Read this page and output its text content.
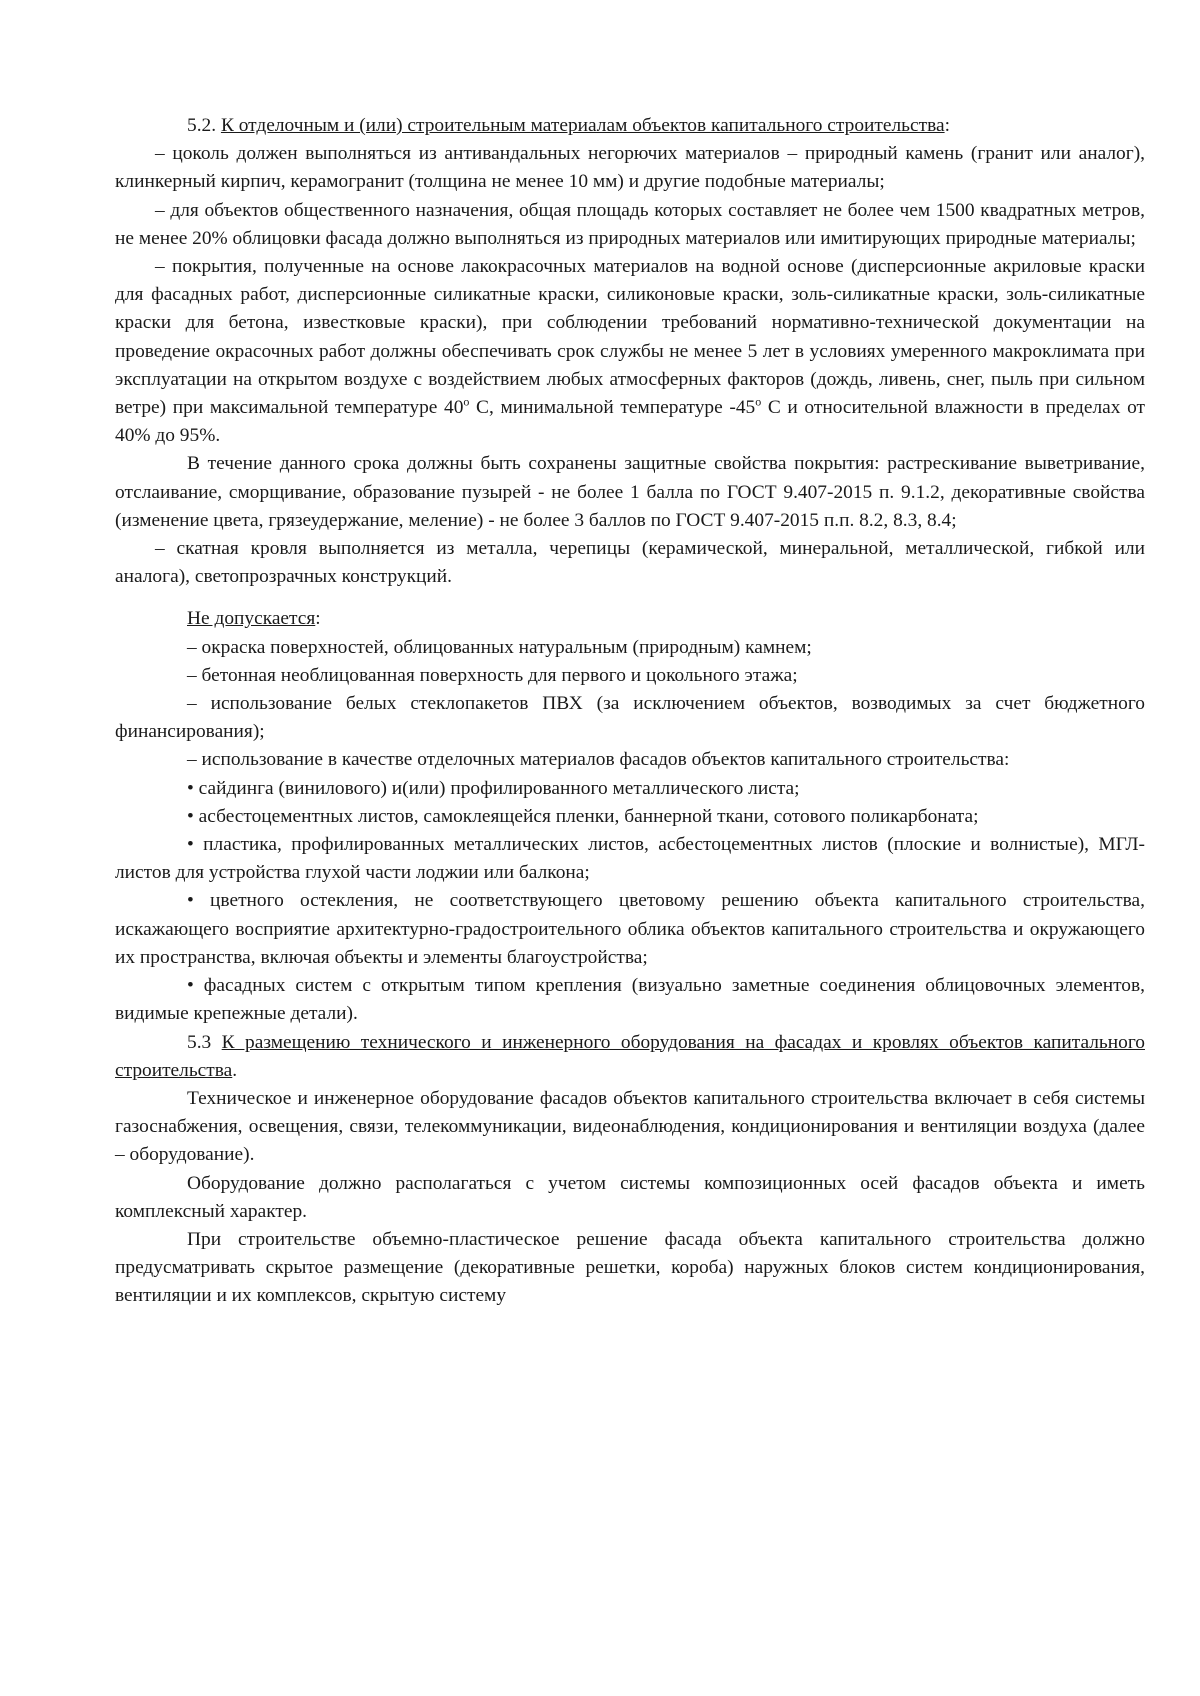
5.2. К отделочным и (или) строительным материалам объектов капитального строительства:

– цоколь должен выполняться из антивандальных негорючих материалов – природный камень (гранит или аналог), клинкерный кирпич, керамогранит (толщина не менее 10 мм) и другие подобные материалы;

– для объектов общественного назначения, общая площадь которых составляет не более чем 1500 квадратных метров, не менее 20% облицовки фасада должно выполняться из природных материалов или имитирующих природные материалы;

– покрытия, полученные на основе лакокрасочных материалов на водной основе (дисперсионные акриловые краски для фасадных работ, дисперсионные силикатные краски, силиконовые краски, золь-силикатные краски, золь-силикатные краски для бетона, известковые краски), при соблюдении требований нормативно-технической документации на проведение окрасочных работ должны обеспечивать срок службы не менее 5 лет в условиях умеренного макроклимата при эксплуатации на открытом воздухе с воздействием любых атмосферных факторов (дождь, ливень, снег, пыль при сильном ветре) при максимальной температуре $40^о$ С, минимальной температуре $-45^о$ С и относительной влажности в пределах от 40% до 95%.

В течение данного срока должны быть сохранены защитные свойства покрытия: растрескивание выветривание, отслаивание, сморщивание, образование пузырей - не более 1 балла по ГОСТ 9.407-2015 п. 9.1.2, декоративные свойства (изменение цвета, грязеудержание, меление) - не более 3 баллов по ГОСТ 9.407-2015 п.п. 8.2, 8.3, 8.4;

– скатная кровля выполняется из металла, черепицы (керамической, минеральной, металлической, гибкой или аналога), светопрозрачных конструкций.

Не допускается:

– окраска поверхностей, облицованных натуральным (природным) камнем;

– бетонная необлицованная поверхность для первого и цокольного этажа;

– использование белых стеклопакетов ПВХ (за исключением объектов, возводимых за счет бюджетного финансирования);

– использование в качестве отделочных материалов фасадов объектов капитального строительства:

• сайдинга (винилового) и(или) профилированного металлического листа;

• асбестоцементных листов, самоклеящейся пленки, баннерной ткани, сотового поликарбоната;

• пластика, профилированных металлических листов, асбестоцементных листов (плоские и волнистые), МГЛ-листов для устройства глухой части лоджии или балкона;

• цветного остекления, не соответствующего цветовому решению объекта капитального строительства, искажающего восприятие архитектурно-градостроительного облика объектов капитального строительства и окружающего их пространства, включая объекты и элементы благоустройства;

• фасадных систем с открытым типом крепления (визуально заметные соединения облицовочных элементов, видимые крепежные детали).

5.3 К размещению технического и инженерного оборудования на фасадах и кровлях объектов капитального строительства.

Техническое и инженерное оборудование фасадов объектов капитального строительства включает в себя системы газоснабжения, освещения, связи, телекоммуникации, видеонаблюдения, кондиционирования и вентиляции воздуха (далее – оборудование).

Оборудование должно располагаться с учетом системы композиционных осей фасадов объекта и иметь комплексный характер.

При строительстве объемно-пластическое решение фасада объекта капитального строительства должно предусматривать скрытое размещение (декоративные решетки, короба) наружных блоков систем кондиционирования, вентиляции и их комплексов, скрытую систему
